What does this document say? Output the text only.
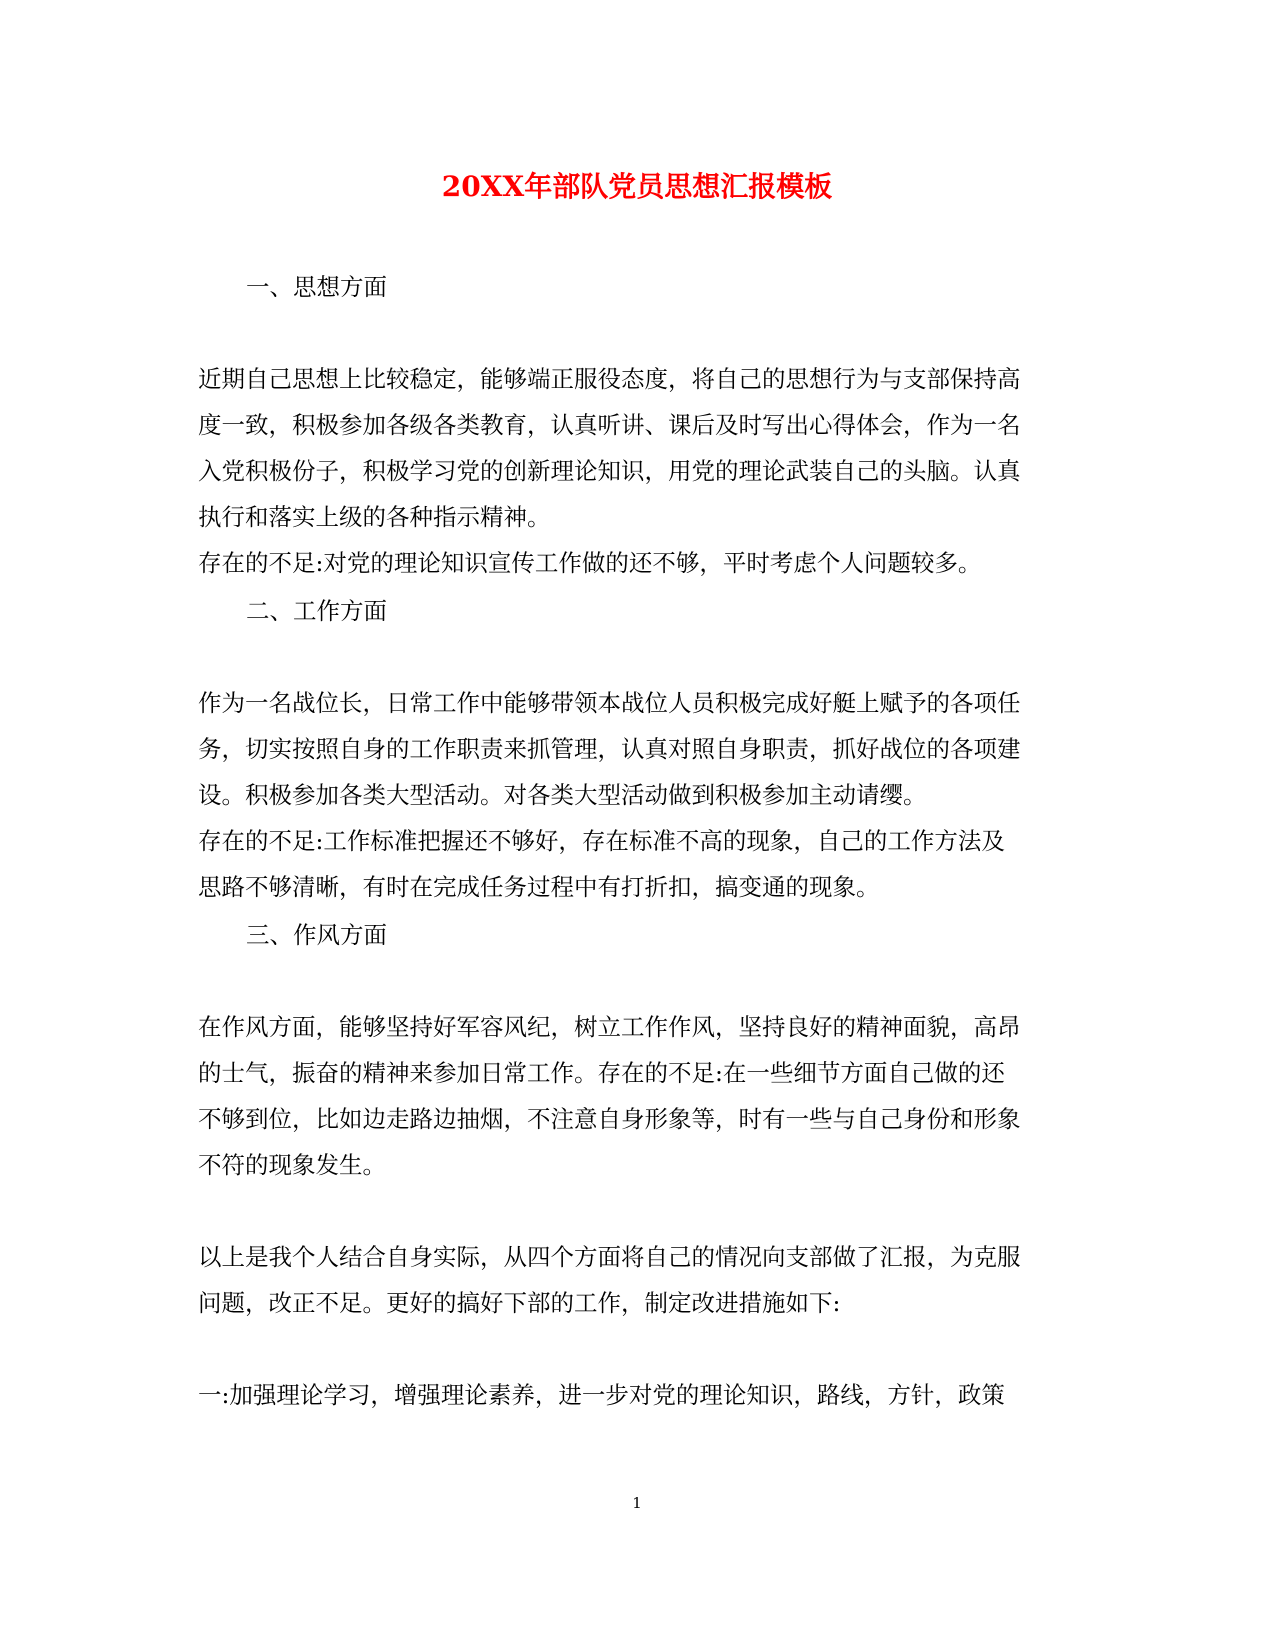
20XX年部队党员思想汇报模板

一、思想方面

近期自己思想上比较稳定，能够端正服役态度，将自己的思想行为与支部保持高

度一致，积极参加各级各类教育，认真听讲、课后及时写出心得体会，作为一名

入党积极份子，积极学习党的创新理论知识，用党的理论武装自己的头脑。认真

执行和落实上级的各种指示精神。

存在的不足:对党的理论知识宣传工作做的还不够，平时考虑个人问题较多。

二、工作方面

作为一名战位长，日常工作中能够带领本战位人员积极完成好艇上赋予的各项任

务，切实按照自身的工作职责来抓管理，认真对照自身职责，抓好战位的各项建

设。积极参加各类大型活动。对各类大型活动做到积极参加主动请缨。

存在的不足:工作标准把握还不够好，存在标准不高的现象，自己的工作方法及

思路不够清晰，有时在完成任务过程中有打折扣，搞变通的现象。

三、作风方面

在作风方面，能够坚持好军容风纪，树立工作作风，坚持良好的精神面貌，高昂

的士气，振奋的精神来参加日常工作。存在的不足:在一些细节方面自己做的还

不够到位，比如边走路边抽烟，不注意自身形象等，时有一些与自己身份和形象

不符的现象发生。

以上是我个人结合自身实际，从四个方面将自己的情况向支部做了汇报，为克服

问题，改正不足。更好的搞好下部的工作，制定改进措施如下:

一:加强理论学习，增强理论素养，进一步对党的理论知识，路线，方针，政策

1
